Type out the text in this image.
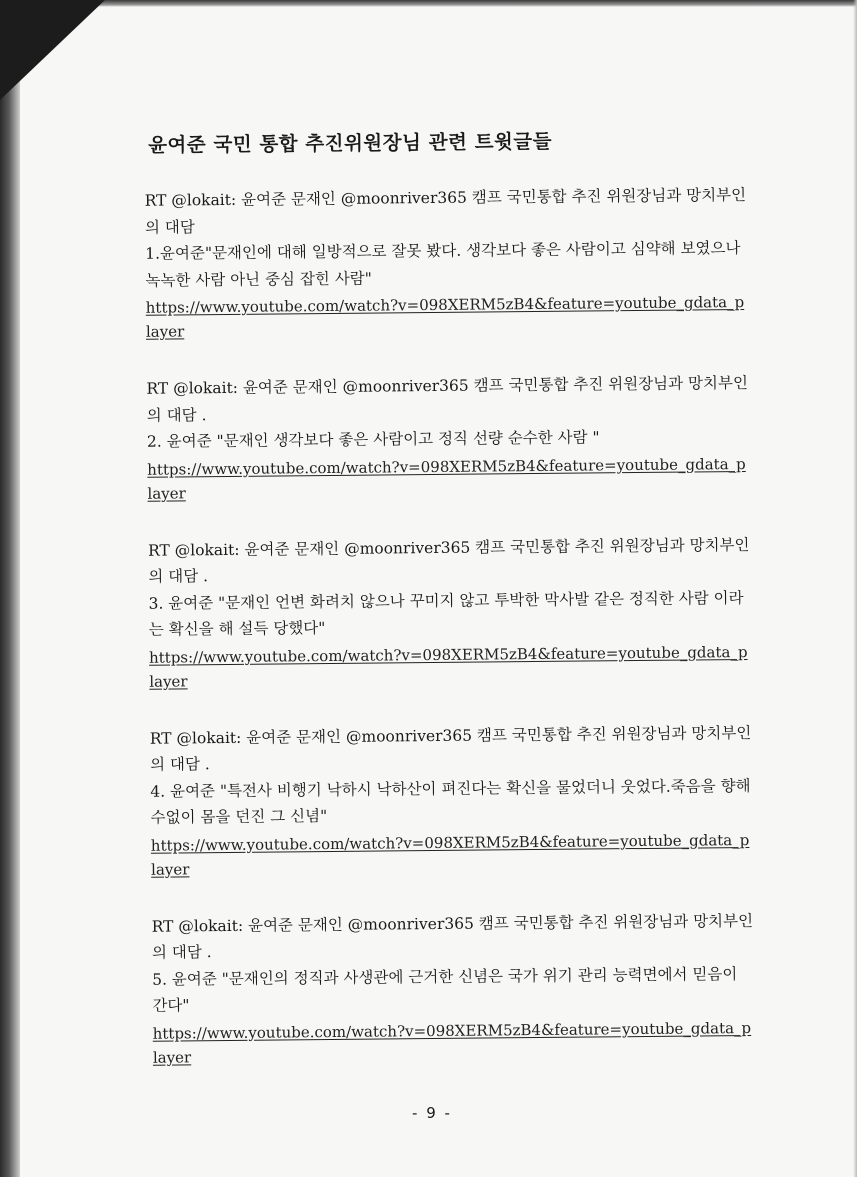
윤여준 국민 통합 추진위원장님 관련 트윗글들

RT @lokait: 윤여준 문재인 @moonriver365 캠프 국민통합 추진 위원장님과 망치부인의 대담

1.윤여준"문재인에 대해 일방적으로 잘못 봤다. 생각보다 좋은 사람이고 심약해 보였으나 녹녹한 사람 아닌 중심 잡힌 사람"

https://www.youtube.com/watch?v=098XERM5zB4&feature=youtube_gdata_player

RT @lokait: 윤여준 문재인 @moonriver365 캠프 국민통합 추진 위원장님과 망치부인의 대담 .

2. 윤여준 "문재인 생각보다 좋은 사람이고 정직 선량 순수한 사람 "

https://www.youtube.com/watch?v=098XERM5zB4&feature=youtube_gdata_player

RT @lokait: 윤여준 문재인 @moonriver365 캠프 국민통합 추진 위원장님과 망치부인의 대담 .

3. 윤여준 "문재인 언변 화려치 않으나 꾸미지 않고 투박한 막사발 같은 정직한 사람 이라는 확신을 해 설득 당했다"

https://www.youtube.com/watch?v=098XERM5zB4&feature=youtube_gdata_player

RT @lokait: 윤여준 문재인 @moonriver365 캠프 국민통합 추진 위원장님과 망치부인의 대담 .

4. 윤여준 "특전사 비행기 낙하시 낙하산이 펴진다는 확신을 물었더니 웃었다.죽음을 향해 수없이 몸을 던진 그 신념"

https://www.youtube.com/watch?v=098XERM5zB4&feature=youtube_gdata_player

RT @lokait: 윤여준 문재인 @moonriver365 캠프 국민통합 추진 위원장님과 망치부인의 대담 .

5. 윤여준 "문재인의 정직과 사생관에 근거한 신념은 국가 위기 관리 능력면에서 믿음이 간다"

https://www.youtube.com/watch?v=098XERM5zB4&feature=youtube_gdata_player

- 9 -
